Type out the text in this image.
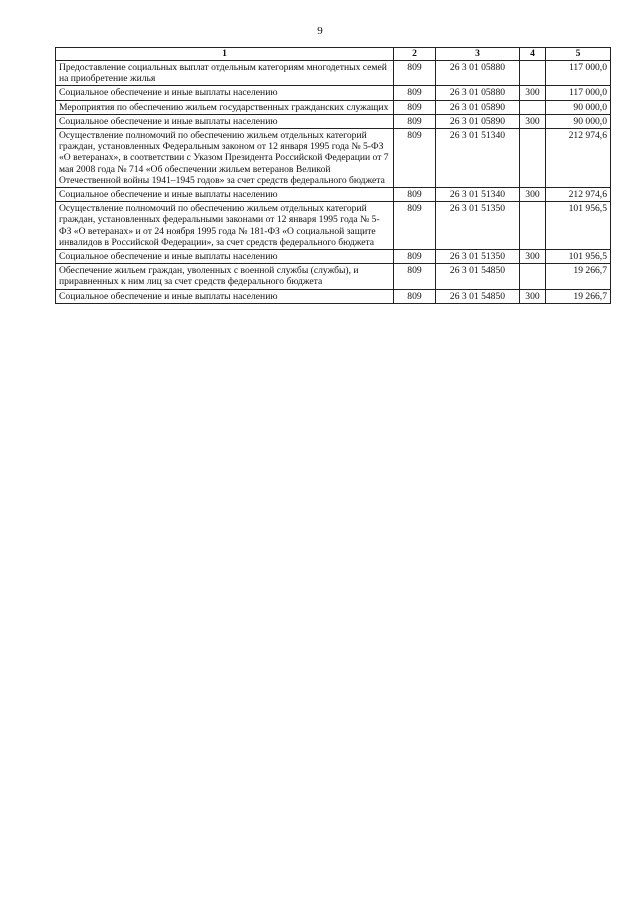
9
1	2	3	4	5
Предоставление социальных выплат отдельным категориям многодетных семей на приобретение жилья	809	26 3 01 05880		117 000,0
Социальное обеспечение и иные выплаты населению	809	26 3 01 05880	300	117 000,0
Мероприятия по обеспечению жильем государственных гражданских служащих	809	26 3 01 05890		90 000,0
Социальное обеспечение и иные выплаты населению	809	26 3 01 05890	300	90 000,0
Осуществление полномочий по обеспечению жильем отдельных категорий граждан, установленных Федеральным законом от 12 января 1995 года № 5-ФЗ «О ветеранах», в соответствии с Указом Президента Российской Федерации от 7 мая 2008 года № 714 «Об обеспечении жильем ветеранов Великой Отечественной войны 1941–1945 годов» за счет средств федерального бюджета	809	26 3 01 51340		212 974,6
Социальное обеспечение и иные выплаты населению	809	26 3 01 51340	300	212 974,6
Осуществление полномочий по обеспечению жильем отдельных категорий граждан, установленных федеральными законами от 12 января 1995 года № 5-ФЗ «О ветеранах» и от 24 ноября 1995 года № 181-ФЗ «О социальной защите инвалидов в Российской Федерации», за счет средств федерального бюджета	809	26 3 01 51350		101 956,5
Социальное обеспечение и иные выплаты населению	809	26 3 01 51350	300	101 956,5
Обеспечение жильем граждан, уволенных с военной службы (службы), и приравненных к ним лиц за счет средств федерального бюджета	809	26 3 01 54850		19 266,7
Социальное обеспечение и иные выплаты населению	809	26 3 01 54850	300	19 266,7
